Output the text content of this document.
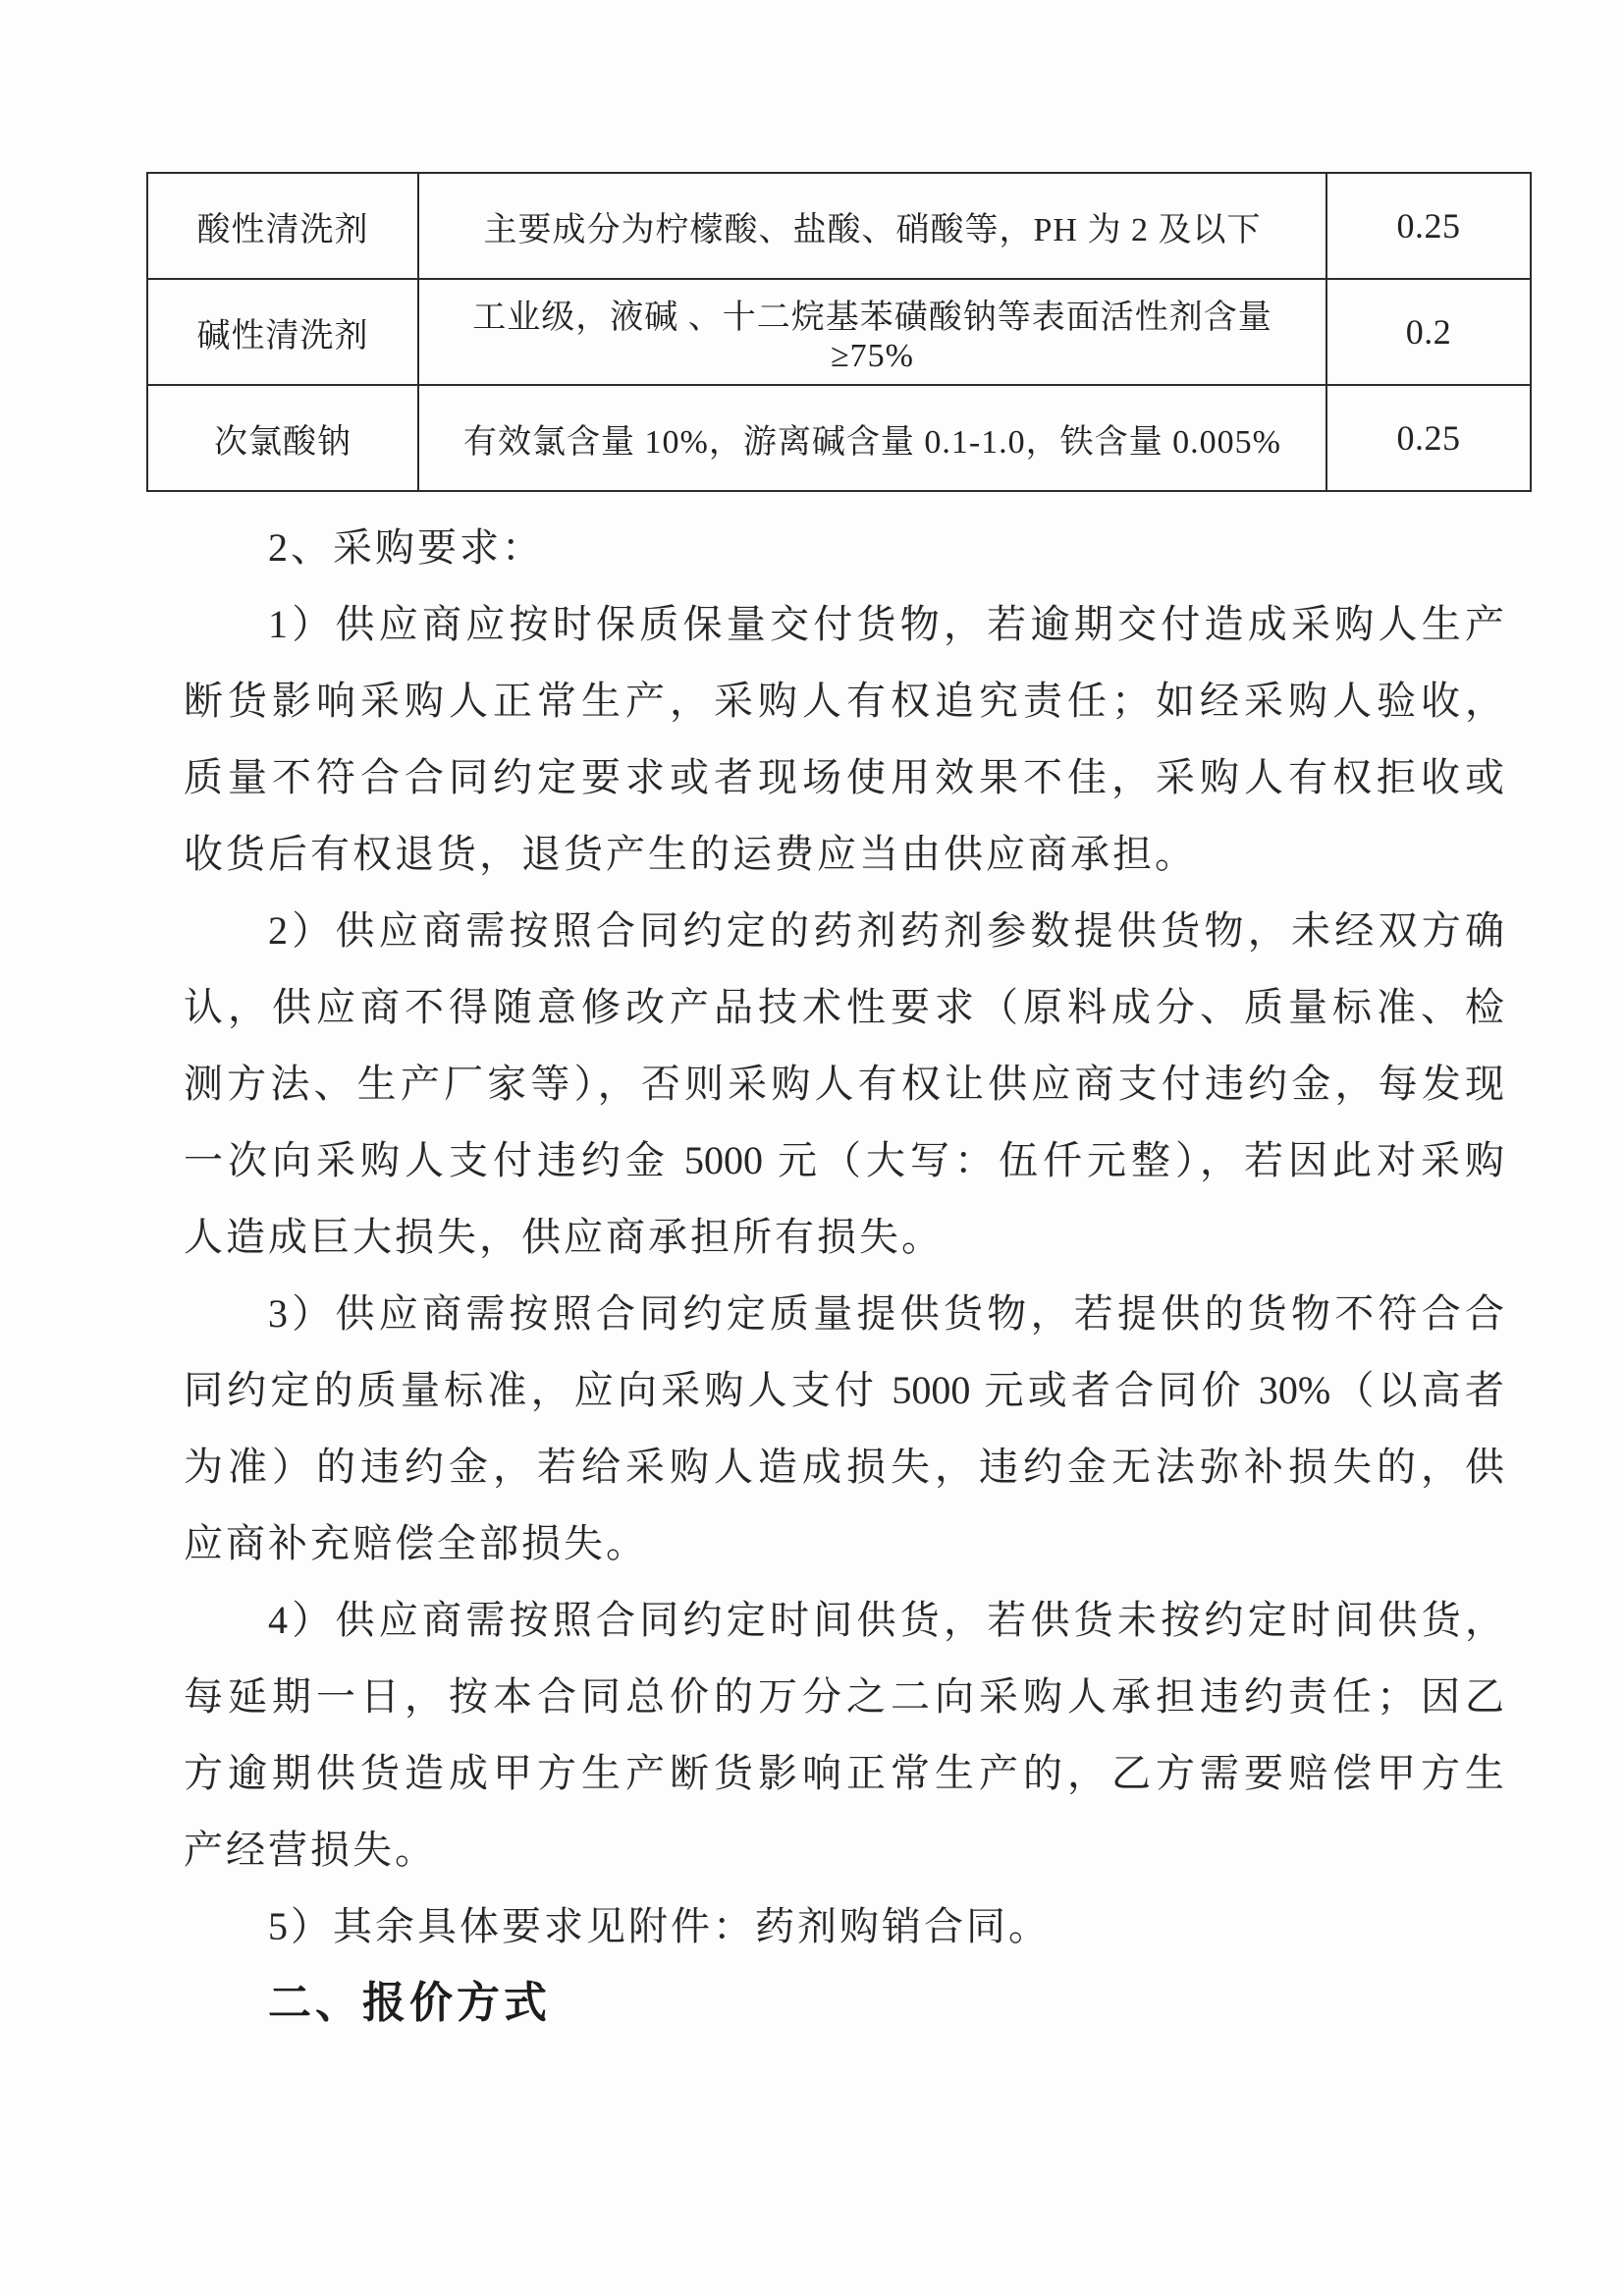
酸性清洗剂	主要成分为柠檬酸、盐酸、硝酸等，PH 为 2 及以下	0.25
碱性清洗剂	工业级，液碱 、十二烷基苯磺酸钠等表面活性剂含量≥75%	0.2
次氯酸钠	有效氯含量 10%，游离碱含量 0.1-1.0，铁含量 0.005%	0.25
2、采购要求：
1）供应商应按时保质保量交付货物，若逾期交付造成采购人生产
断货影响采购人正常生产，采购人有权追究责任；如经采购人验收，
质量不符合合同约定要求或者现场使用效果不佳，采购人有权拒收或
收货后有权退货，退货产生的运费应当由供应商承担。
2）供应商需按照合同约定的药剂药剂参数提供货物，未经双方确
认，供应商不得随意修改产品技术性要求（原料成分、质量标准、检
测方法、生产厂家等），否则采购人有权让供应商支付违约金，每发现
一次向采购人支付违约金 5000 元（大写：伍仟元整），若因此对采购
人造成巨大损失，供应商承担所有损失。
3）供应商需按照合同约定质量提供货物，若提供的货物不符合合
同约定的质量标准，应向采购人支付 5000 元或者合同价 30%（以高者
为准）的违约金，若给采购人造成损失，违约金无法弥补损失的，供
应商补充赔偿全部损失。
4）供应商需按照合同约定时间供货，若供货未按约定时间供货，
每延期一日，按本合同总价的万分之二向采购人承担违约责任；因乙
方逾期供货造成甲方生产断货影响正常生产的，乙方需要赔偿甲方生
产经营损失。
5）其余具体要求见附件：药剂购销合同。
二、报价方式
